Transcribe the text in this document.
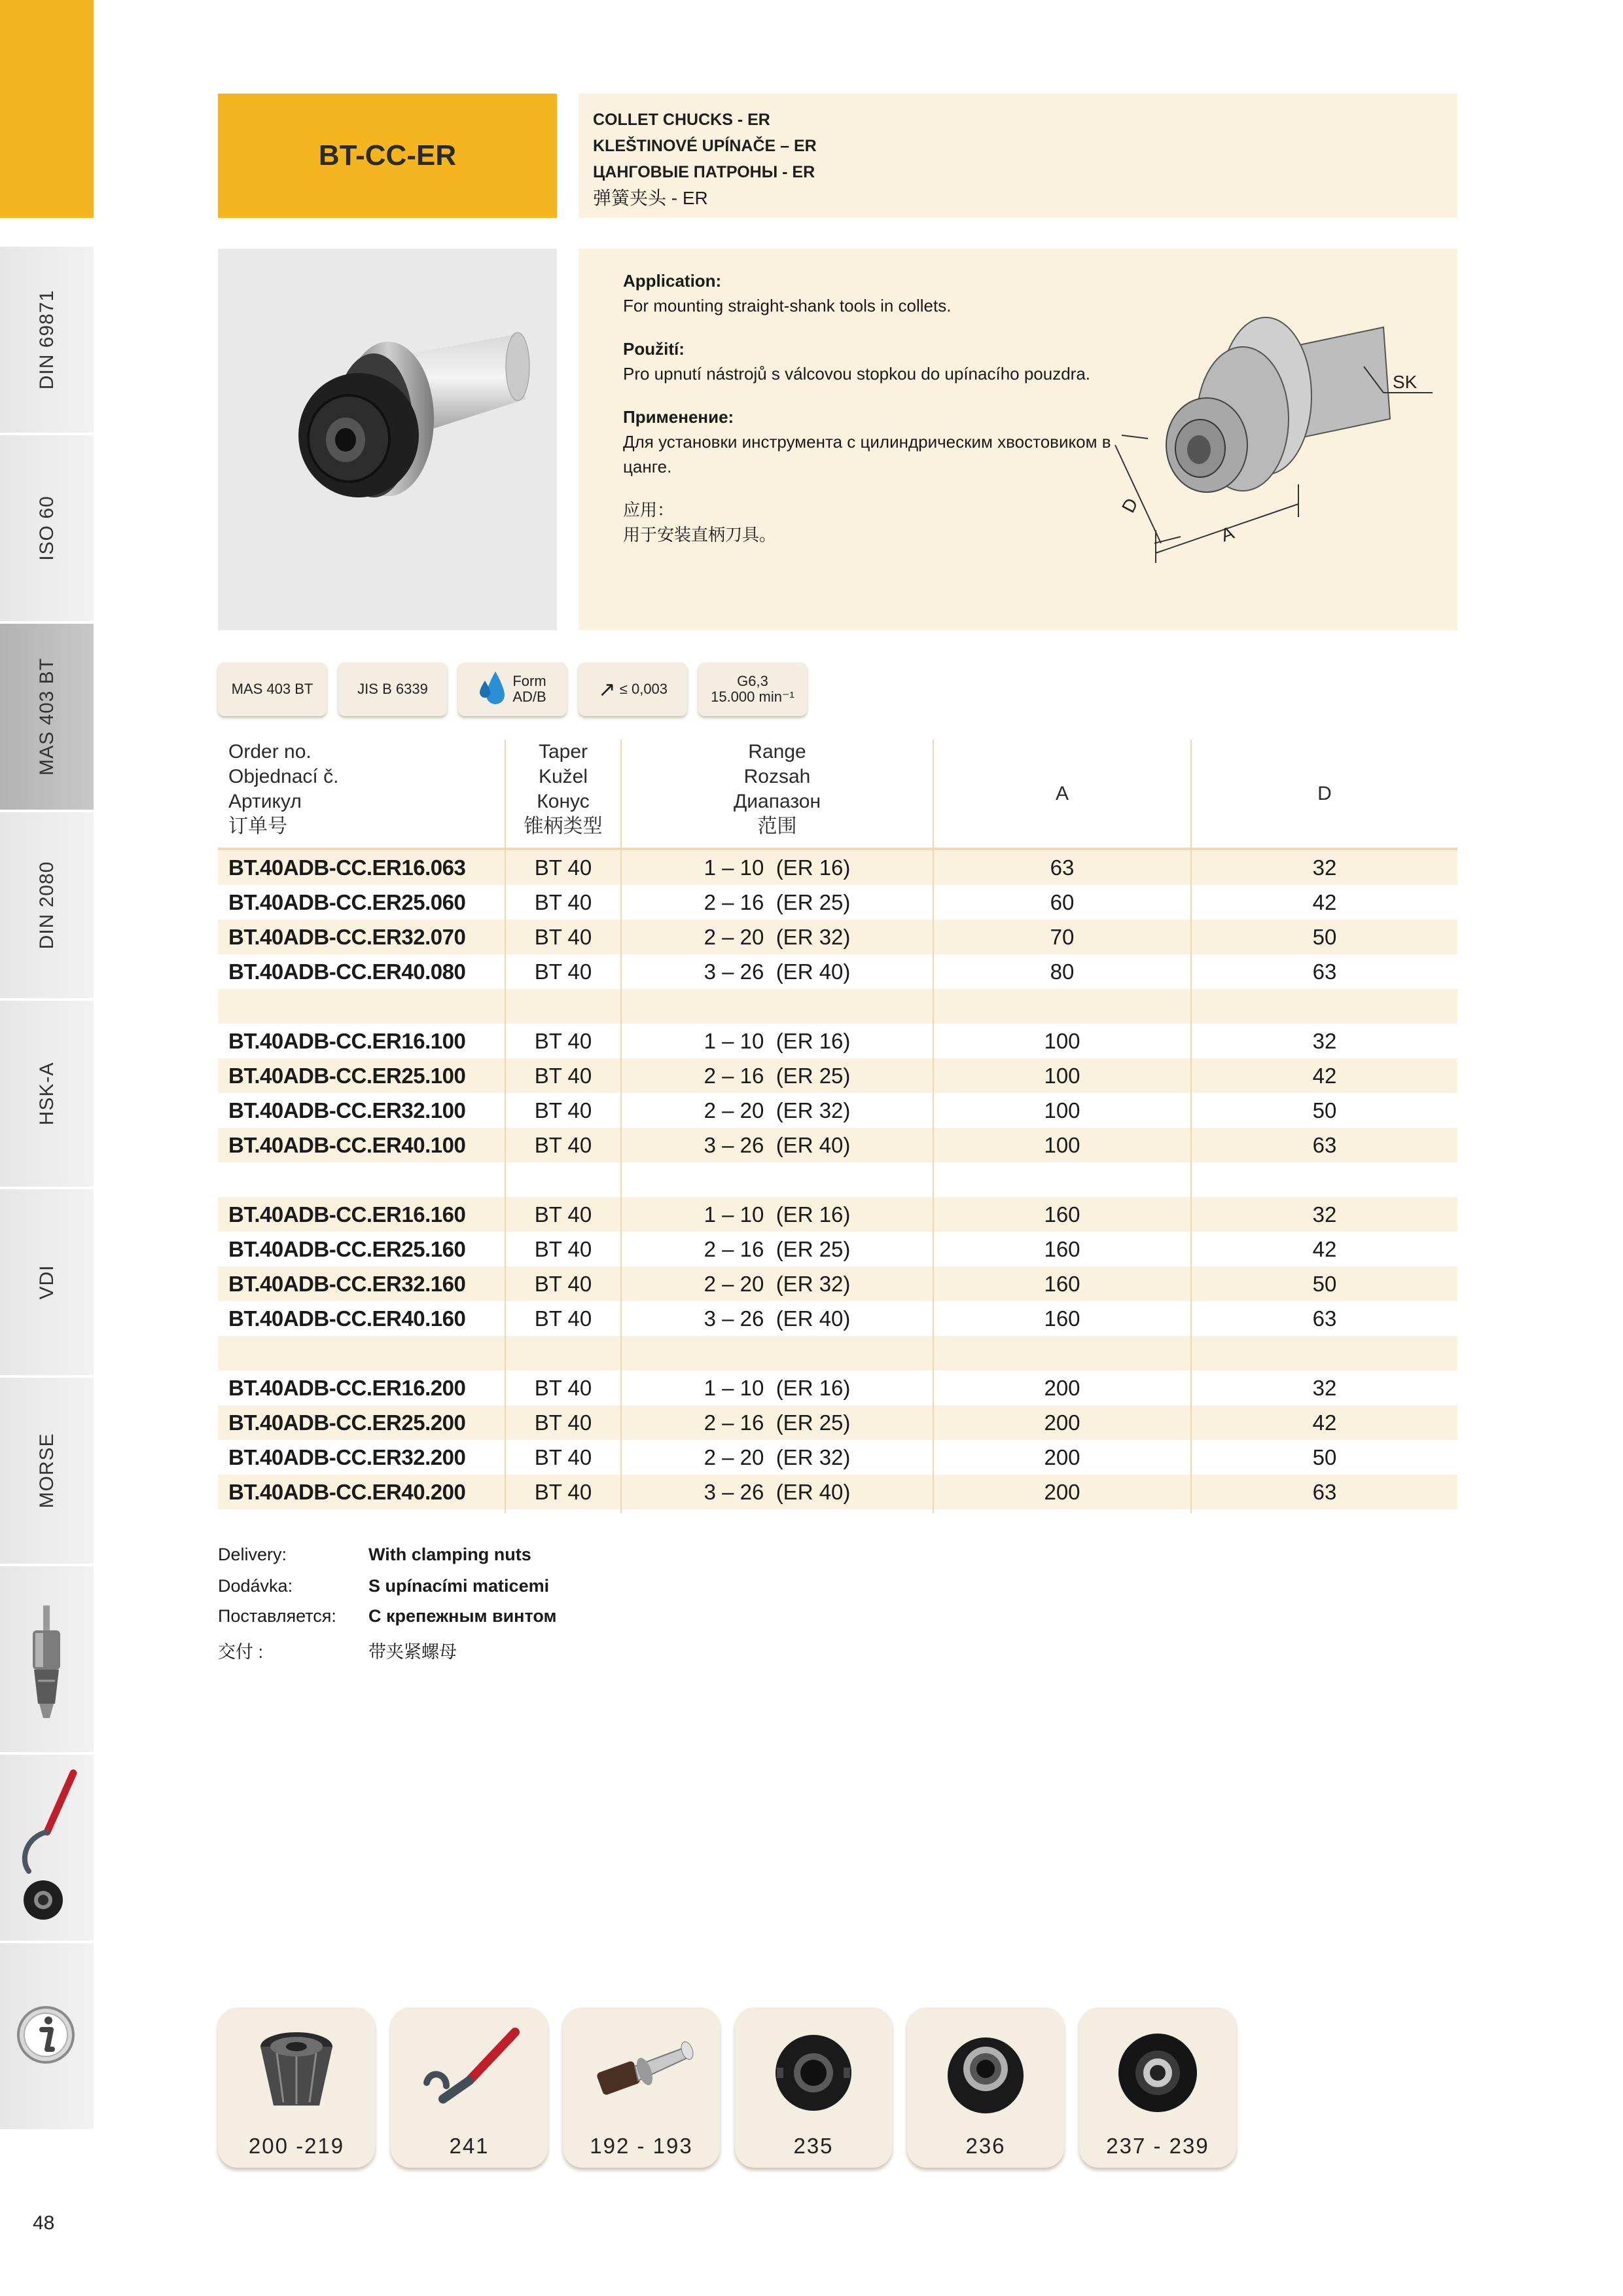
DIN 69871
ISO 60
MAS 403 BT
DIN 2080
HSK-A
VDI
MORSE
BT-CC-ER
COLLET CHUCKS - ER
KLEŠTINOVÉ UPÍNAČE – ER
ЦАНГОВЫЕ ПАТРОНЫ - ER
弹簧夹头 - ER
Application:
For mounting straight-shank tools in collets.
Použití:
Pro upnutí nástrojů s válcovou stopkou do upínacího pouzdra.
Применение:
Для установки инструмента с цилиндрическим хвостовиком в цанге.
应用：
用于安装直柄刀具。
SK
D
A
MAS 403 BT	JIS B 6339	Form
AD/B ↗ ≤ 0,003	G6,3
15.000 min⁻¹
Order no.
Objednací č.
Артикул
订单号
Taper
Kužel
Конус
锥柄类型
Range
Rozsah
Диапазон
范围
A	D
BT.40ADB-CC.ER16.063	BT 40	1 – 10  (ER 16)	63	32
BT.40ADB-CC.ER25.060	BT 40	2 – 16  (ER 25)	60	42
BT.40ADB-CC.ER32.070	BT 40	2 – 20  (ER 32)	70	50
BT.40ADB-CC.ER40.080	BT 40	3 – 26  (ER 40)	80	63
BT.40ADB-CC.ER16.100	BT 40	1 – 10  (ER 16)	100	32
BT.40ADB-CC.ER25.100	BT 40	2 – 16  (ER 25)	100	42
BT.40ADB-CC.ER32.100	BT 40	2 – 20  (ER 32)	100	50
BT.40ADB-CC.ER40.100	BT 40	3 – 26  (ER 40)	100	63
BT.40ADB-CC.ER16.160	BT 40	1 – 10  (ER 16)	160	32
BT.40ADB-CC.ER25.160	BT 40	2 – 16  (ER 25)	160	42
BT.40ADB-CC.ER32.160	BT 40	2 – 20  (ER 32)	160	50
BT.40ADB-CC.ER40.160	BT 40	3 – 26  (ER 40)	160	63
BT.40ADB-CC.ER16.200	BT 40	1 – 10  (ER 16)	200	32
BT.40ADB-CC.ER25.200	BT 40	2 – 16  (ER 25)	200	42
BT.40ADB-CC.ER32.200	BT 40	2 – 20  (ER 32)	200	50
BT.40ADB-CC.ER40.200	BT 40	3 – 26  (ER 40)	200	63
Delivery:	With clamping nuts
Dodávka:	S upínacími maticemi
Поставляется:	С крепежным винтом
交付 :	带夹紧螺母
200 -219	241	192 - 193	235	236	237 - 239
48
